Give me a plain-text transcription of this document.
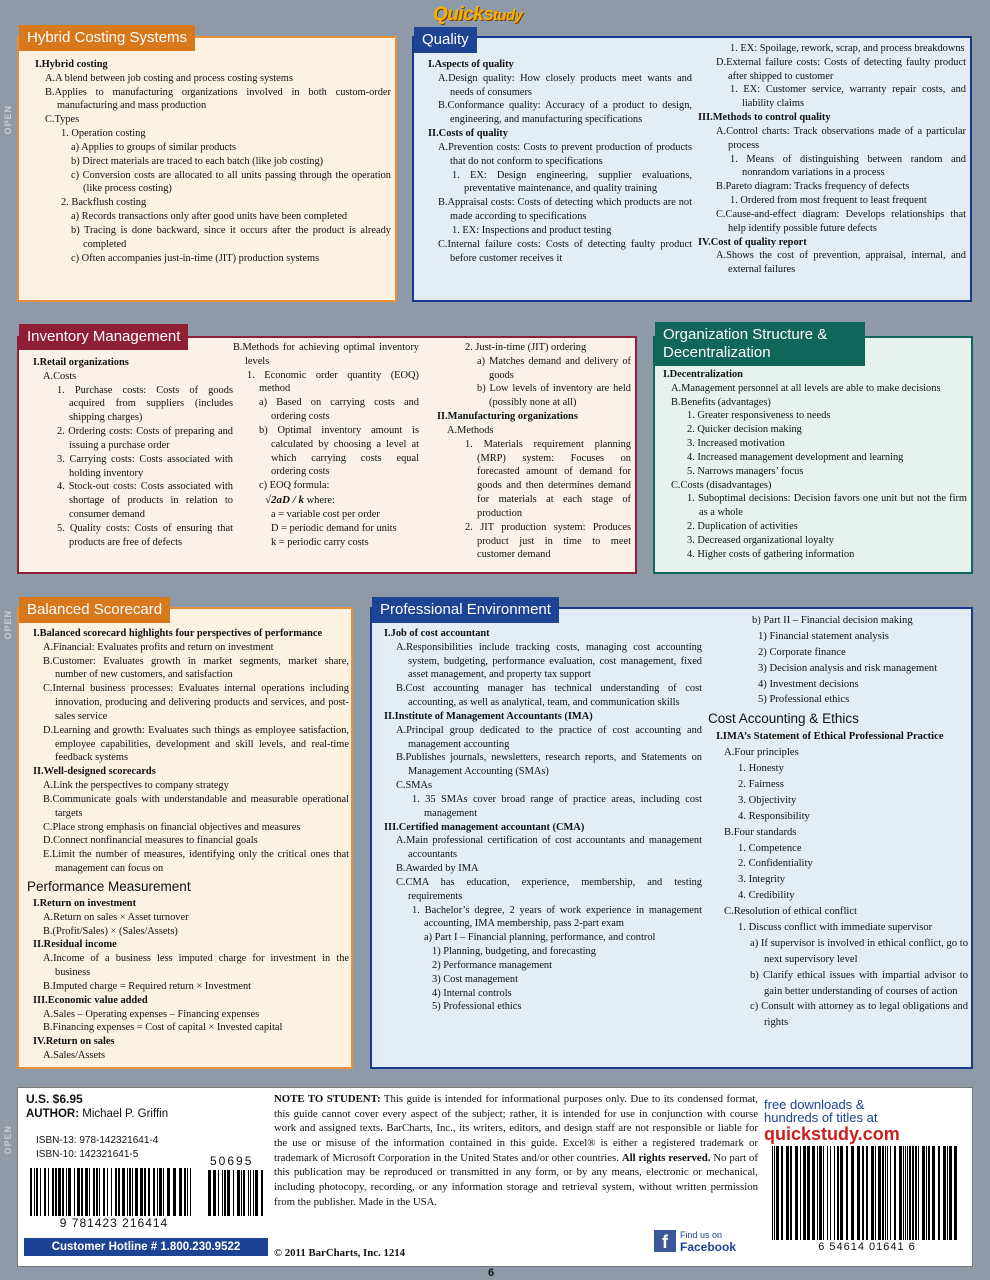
QuickStudy
OPEN
OPEN
OPEN
Hybrid Costing Systems
I.Hybrid costing
A.A blend between job costing and process costing systems
B.Applies to manufacturing organizations involved in both custom-order manufacturing and mass production
C.Types
1. Operation costing
a) Applies to groups of similar products
b) Direct materials are traced to each batch (like job costing)
c) Conversion costs are allocated to all units passing through the operation (like process costing)
2. Backflush costing
a) Records transactions only after good units have been completed
b) Tracing is done backward, since it occurs after the product is already completed
c) Often accompanies just-in-time (JIT) production systems
Quality
I.Aspects of quality
A.Design quality: How closely products meet wants and needs of consumers
B.Conformance quality: Accuracy of a product to design, engineering, and manufacturing specifications
II.Costs of quality
A.Prevention costs: Costs to prevent production of products that do not conform to specifications
1. EX: Design engineering, supplier evaluations, preventative maintenance, and quality training
B.Appraisal costs: Costs of detecting which products are not made according to specifications
1. EX: Inspections and product testing
C.Internal failure costs: Costs of detecting faulty product before customer receives it
1. EX: Spoilage, rework, scrap, and process breakdowns
D.External failure costs: Costs of detecting faulty product after shipped to customer
1. EX: Customer service, warranty repair costs, and liability claims
III.Methods to control quality
A.Control charts: Track observations made of a particular process
1. Means of distinguishing between random and nonrandom variations in a process
B.Pareto diagram: Tracks frequency of defects
1. Ordered from most frequent to least frequent
C.Cause-and-effect diagram: Develops relationships that help identify possible future defects
IV.Cost of quality report
A.Shows the cost of prevention, appraisal, internal, and external failures
Inventory Management
I.Retail organizations
A.Costs
1. Purchase costs: Costs of goods acquired from suppliers (includes shipping charges)
2. Ordering costs: Costs of preparing and issuing a purchase order
3. Carrying costs: Costs associated with holding inventory
4. Stock-out costs: Costs associated with shortage of products in relation to consumer demand
5. Quality costs: Costs of ensuring that products are free of defects
B.Methods for achieving optimal inventory levels
1. Economic order quantity (EOQ) method
a) Based on carrying costs and ordering costs
b) Optimal inventory amount is calculated by choosing a level at which carrying costs equal ordering costs
c) EOQ formula:
√2aD / k where:
a = variable cost per order
D = periodic demand for units
k = periodic carry costs
2. Just-in-time (JIT) ordering
a) Matches demand and delivery of goods
b) Low levels of inventory are held (possibly none at all)
II.Manufacturing organizations
A.Methods
1. Materials requirement planning (MRP) system: Focuses on forecasted amount of demand for goods and then determines demand for materials at each stage of production
2. JIT production system: Produces product just in time to meet customer demand
I.Decentralization
A.Management personnel at all levels are able to make decisions
B.Benefits (advantages)
1. Greater responsiveness to needs
2. Quicker decision making
3. Increased motivation
4. Increased management development and learning
5. Narrows managers’ focus
C.Costs (disadvantages)
1. Suboptimal decisions: Decision favors one unit but not the firm as a whole
2. Duplication of activities
3. Decreased organizational loyalty
4. Higher costs of gathering information
Organization Structure &
Decentralization
Balanced Scorecard
I.Balanced scorecard highlights four perspectives of performance
A.Financial: Evaluates profits and return on investment
B.Customer: Evaluates growth in market segments, market share, number of new customers, and satisfaction
C.Internal business processes: Evaluates internal operations including innovation, producing and delivering products and services, and post-sales service
D.Learning and growth: Evaluates such things as employee satisfaction, employee capabilities, development and skill levels, and real-time feedback systems
II.Well-designed scorecards
A.Link the perspectives to company strategy
B.Communicate goals with understandable and measurable operational targets
C.Place strong emphasis on financial objectives and measures
D.Connect nonfinancial measures to financial goals
E.Limit the number of measures, identifying only the critical ones that management can focus on
Performance Measurement
I.Return on investment
A.Return on sales × Asset turnover
B.(Profit/Sales) × (Sales/Assets)
II.Residual income
A.Income of a business less imputed charge for investment in the business
B.Imputed charge = Required return × Investment
III.Economic value added
A.Sales – Operating expenses – Financing expenses
B.Financing expenses = Cost of capital × Invested capital
IV.Return on sales
A.Sales/Assets
Professional Environment
I.Job of cost accountant
A.Responsibilities include tracking costs, managing cost accounting system, budgeting, performance evaluation, cost management, fixed asset management, and property tax support
B.Cost accounting manager has technical understanding of cost accounting, as well as analytical, team, and communication skills
II.Institute of Management Accountants (IMA)
A.Principal group dedicated to the practice of cost accounting and management accounting
B.Publishes journals, newsletters, research reports, and Statements on Management Accounting (SMAs)
C.SMAs
1. 35 SMAs cover broad range of practice areas, including cost management
III.Certified management accountant (CMA)
A.Main professional certification of cost accountants and management accountants
B.Awarded by IMA
C.CMA has education, experience, membership, and testing requirements
1. Bachelor’s degree, 2 years of work experience in management accounting, IMA membership, pass 2-part exam
a) Part I – Financial planning, performance, and control
1) Planning, budgeting, and forecasting
2) Performance management
3) Cost management
4) Internal controls
5) Professional ethics
b) Part II – Financial decision making
1) Financial statement analysis
2) Corporate finance
3) Decision analysis and risk management
4) Investment decisions
5) Professional ethics
Cost Accounting & Ethics
I.IMA’s Statement of Ethical Professional Practice
A.Four principles
1. Honesty
2. Fairness
3. Objectivity
4. Responsibility
B.Four standards
1. Competence
2. Confidentiality
3. Integrity
4. Credibility
C.Resolution of ethical conflict
1. Discuss conflict with immediate supervisor
a) If supervisor is involved in ethical conflict, go to next supervisory level
b) Clarify ethical issues with impartial advisor to gain better understanding of courses of action
c) Consult with attorney as to legal obligations and rights
U.S. $6.95
AUTHOR: Michael P. Griffin
ISBN-13: 978-142321641-4
ISBN-10: 142321641-5
9 781423 216414
50695
Customer Hotline # 1.800.230.9522
NOTE TO STUDENT: This guide is intended for informational purposes only. Due to its condensed format, this guide cannot cover every aspect of the subject; rather, it is intended for use in conjunction with course work and assigned texts. BarCharts, Inc., its writers, editors, and design staff are not responsible or liable for the use or misuse of the information contained in this guide. Excel® is either a registered trademark or trademark of Microsoft Corporation in the United States and/or other countries. All rights reserved. No part of this publication may be reproduced or transmitted in any form, or by any means, electronic or mechanical, including photocopy, recording, or any information storage and retrieval system, without written permission from the publisher. Made in the USA.
© 2011 BarCharts, Inc. 1214
free downloads &
hundreds of titles at
quickstudy.com
6 54614 01641 6
f	Find us on
Facebook
6
